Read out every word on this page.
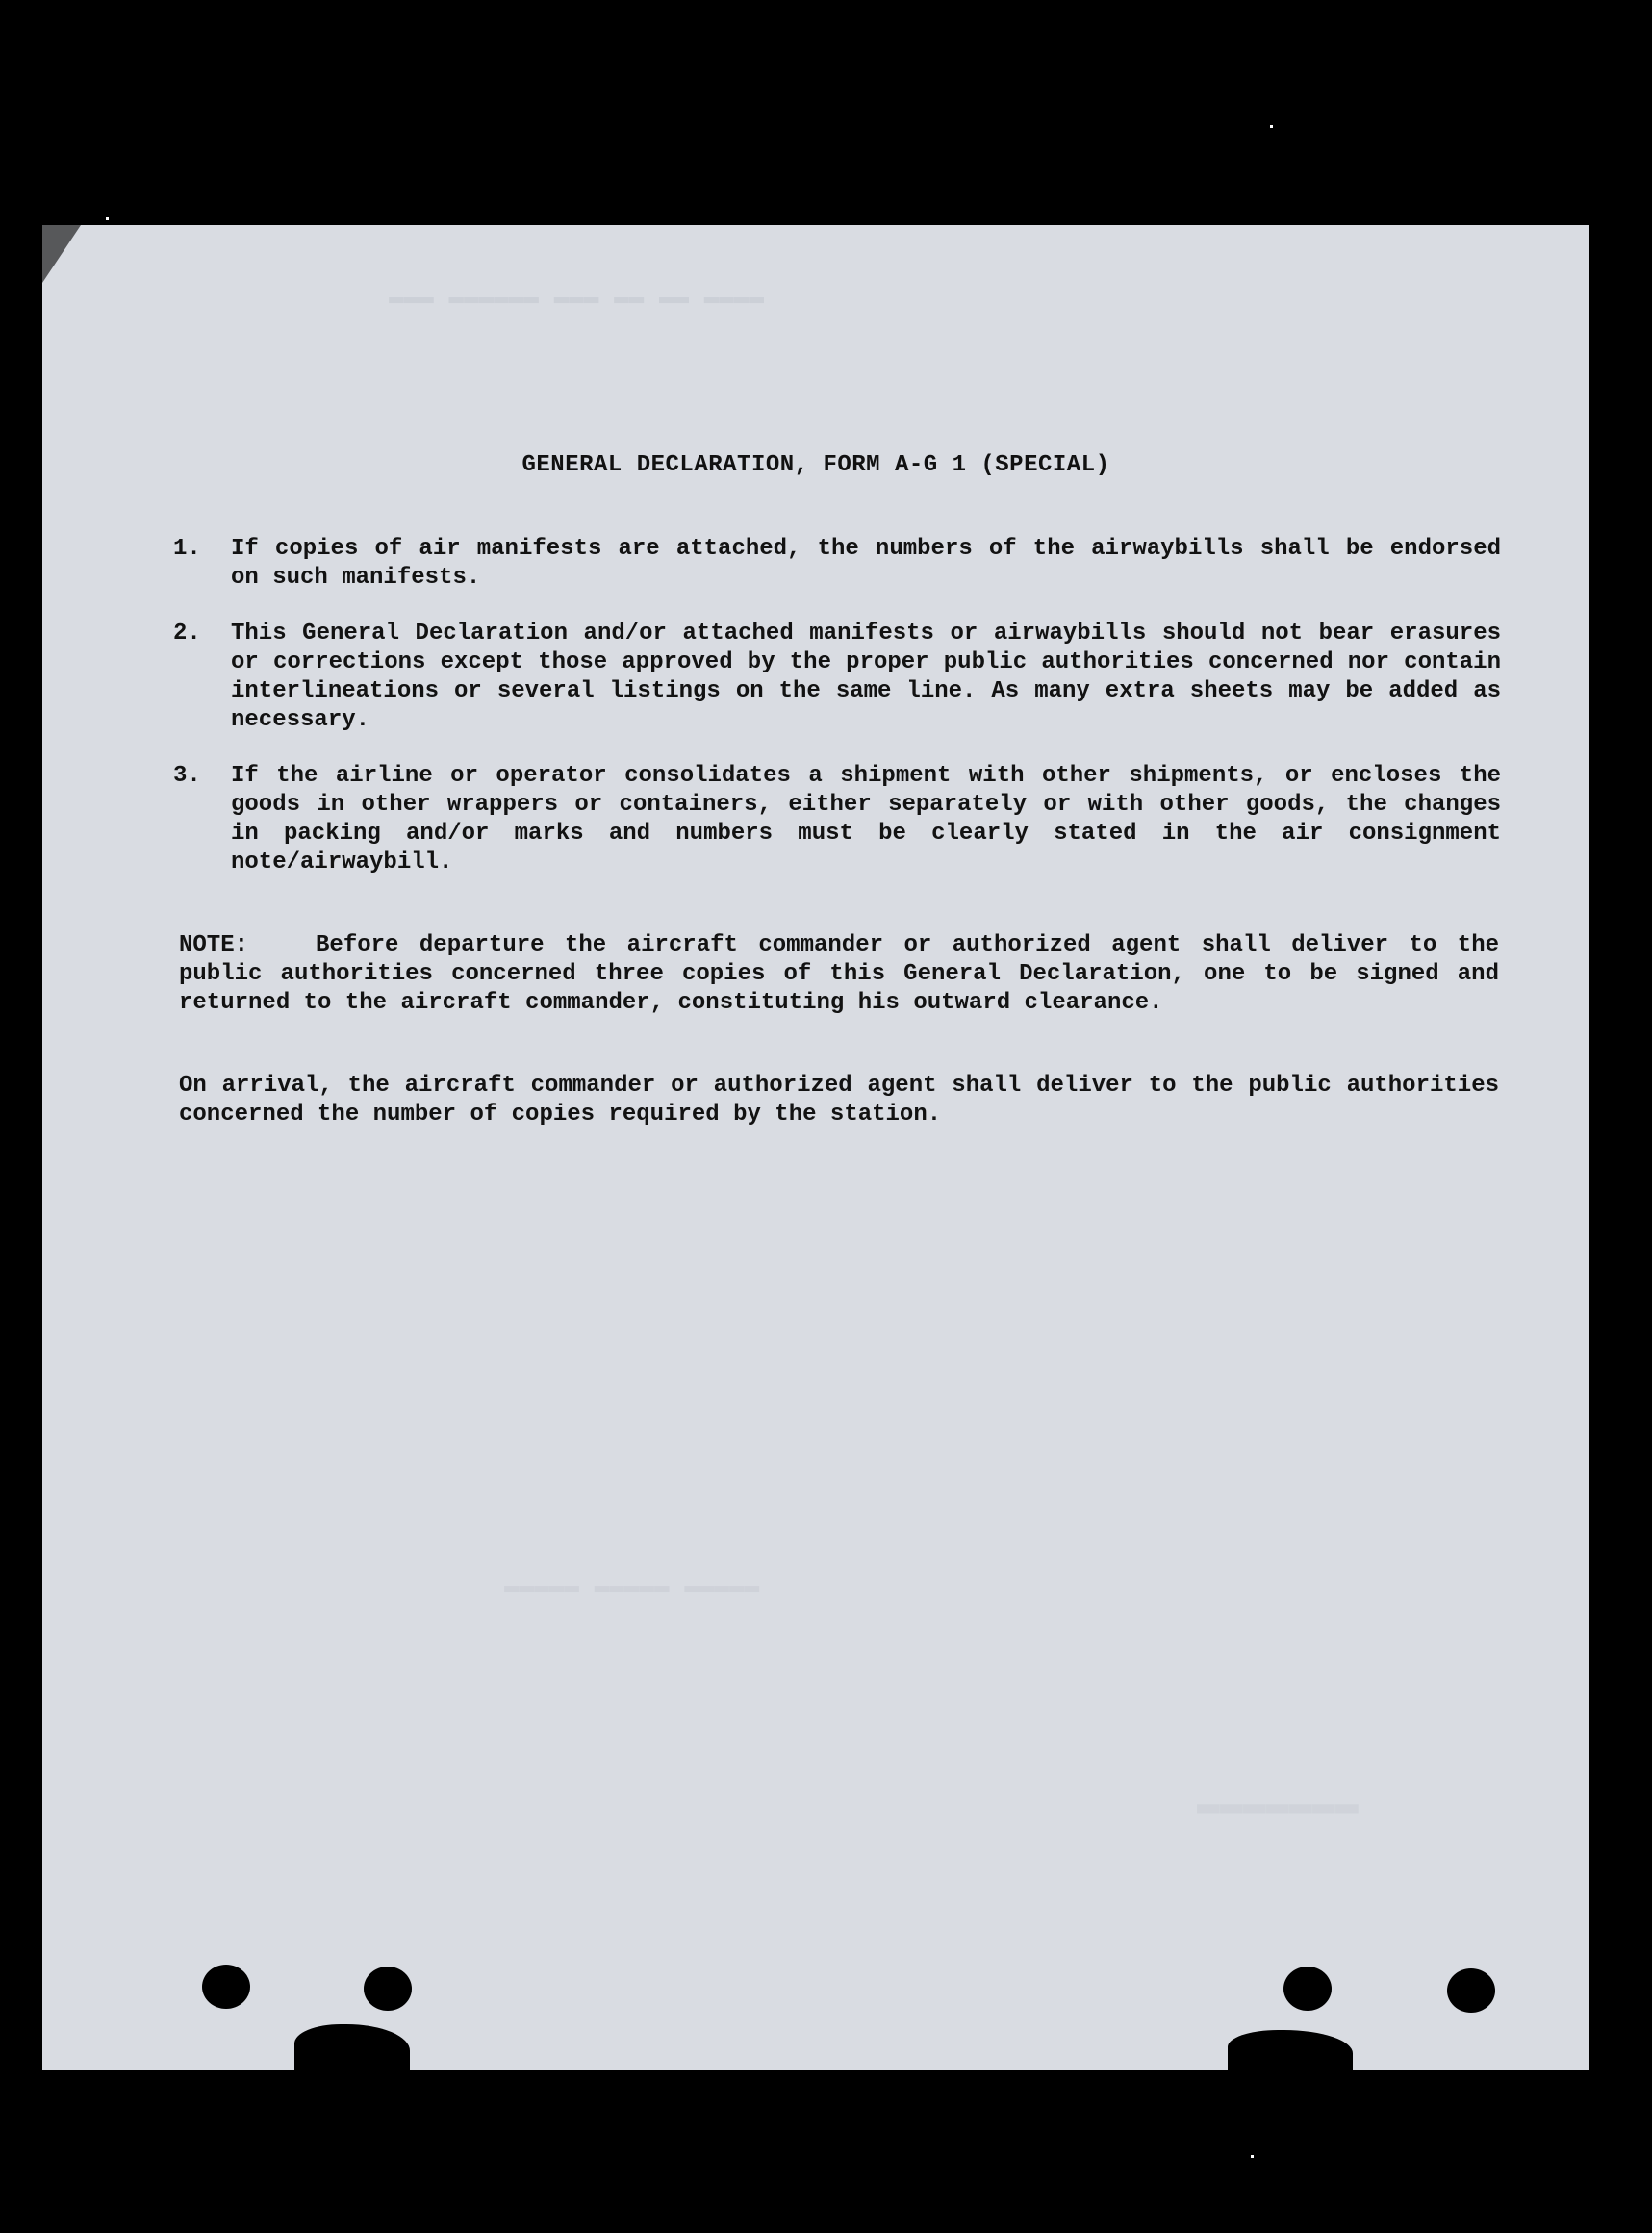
▬▬▬▬ ▬▬ ▬▬ ▬▬▬ ▬▬▬▬▬▬ ▬▬▬
▬▬▬▬▬ ▬▬▬▬▬ ▬▬▬▬▬
▬▬▬▬▬▬▬
GENERAL DECLARATION, FORM A-G 1 (SPECIAL)
1.	If copies of air manifests are attached, the numbers of the airwaybills shall be endorsed on such manifests.
2.	This General Declaration and/or attached manifests or airwaybills should not bear erasures or corrections except those approved by the proper public authorities concerned nor contain interlineations or several listings on the same line. As many extra sheets may be added as necessary.
3.	If the airline or operator consolidates a shipment with other shipments, or encloses the goods in other wrappers or containers, either separately or with other goods, the changes in packing and/or marks and numbers must be clearly stated in the air consignment note/airwaybill.
NOTE:	Before departure the aircraft commander or authorized agent shall deliver to the public authorities concerned three copies of this General Declaration, one to be signed and returned to the aircraft commander, constituting his outward clearance.
On arrival, the aircraft commander or authorized agent shall deliver to the public authorities concerned the number of copies required by the station.
